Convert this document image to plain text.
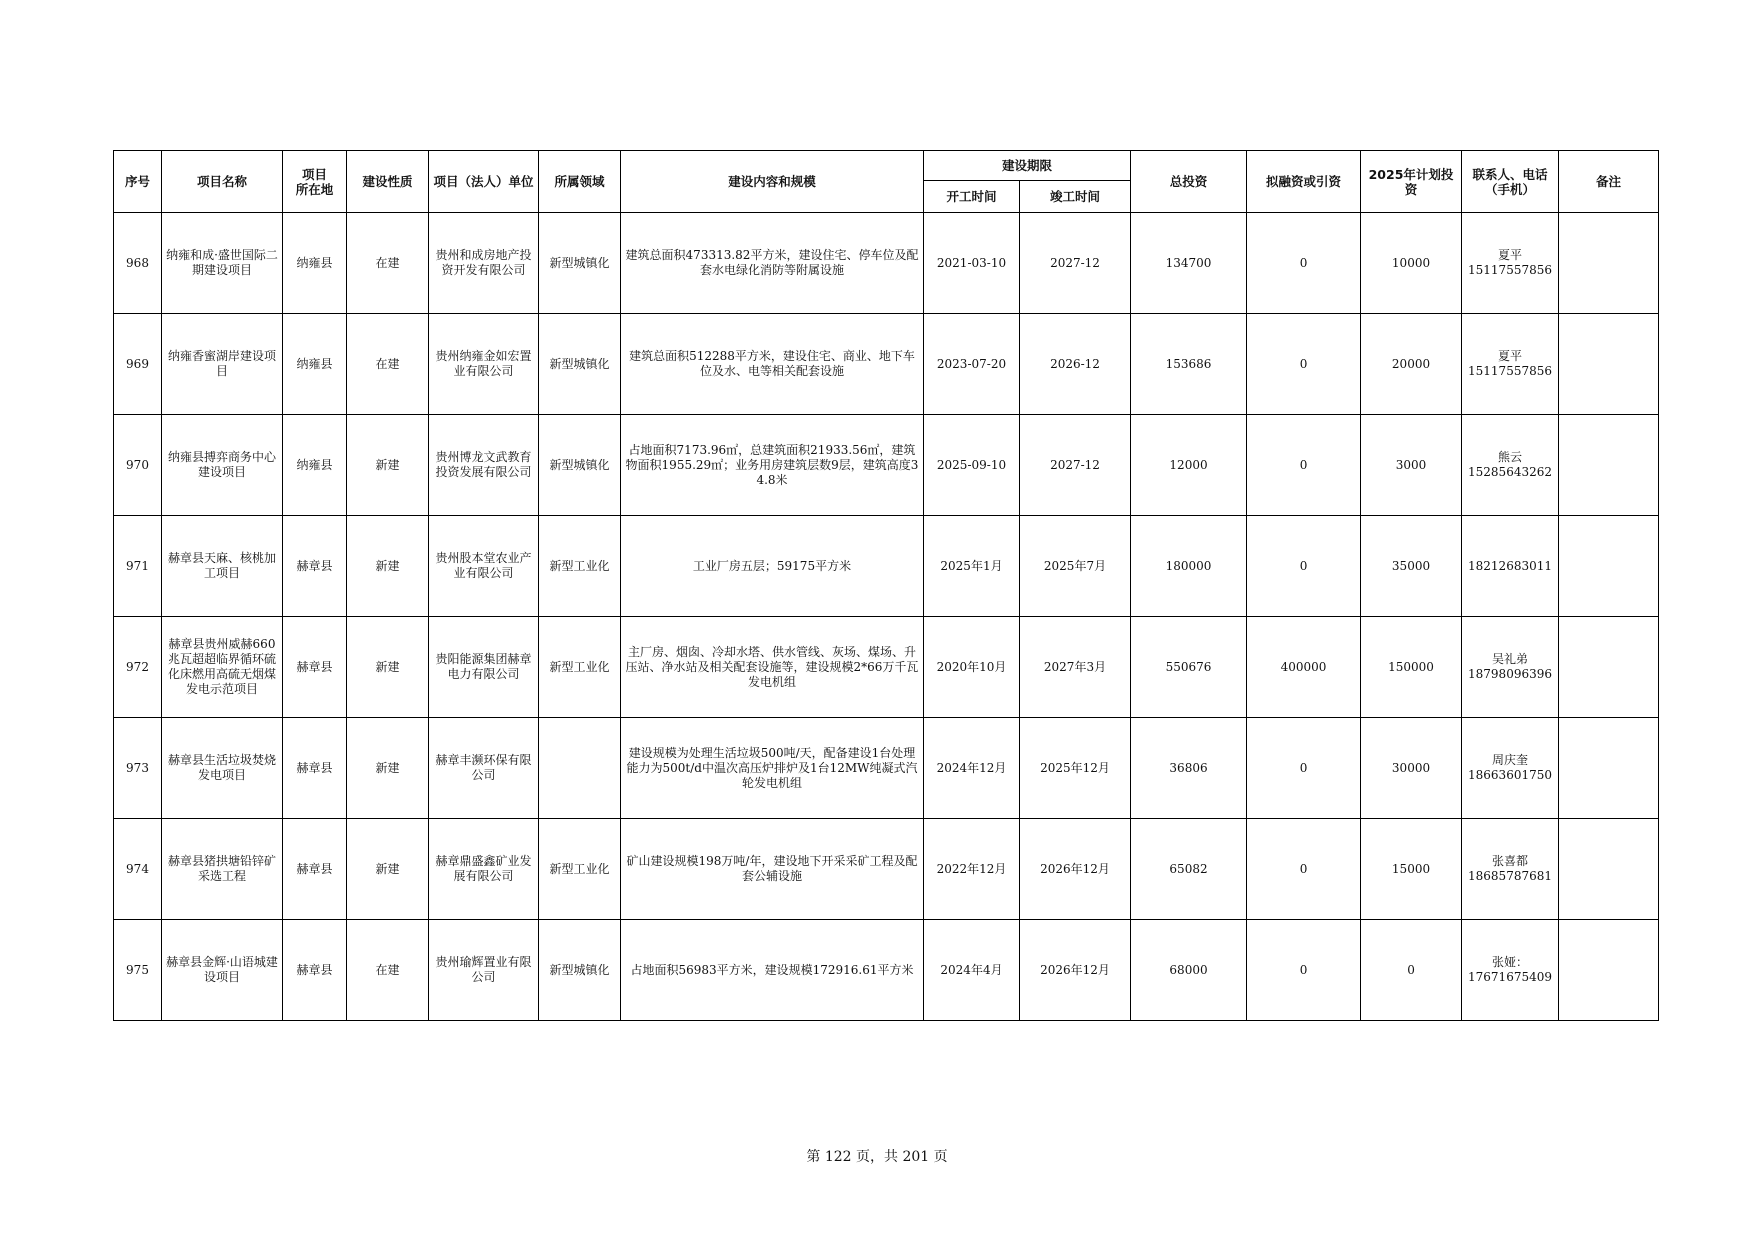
序号	项目名称	项目
所在地	建设性质	项目（法人）单位	所属领域	建设内容和规模	建设期限		总投资	拟融资或引资	2025年计划投资	联系人、电话（手机）	备注
							开工时间	竣工时间					
968	纳雍和成·盛世国际二期建设项目	纳雍县	在建	贵州和成房地产投资开发有限公司	新型城镇化	建筑总面积473313.82平方米，建设住宅、停车位及配套水电绿化消防等附属设施	2021-03-10	2027-12	134700	0	10000	夏平
15117557856	

969	纳雍香蜜湖岸建设项目	纳雍县	在建	贵州纳雍金如宏置业有限公司	新型城镇化	建筑总面积512288平方米，建设住宅、商业、地下车位及水、电等相关配套设施	2023-07-20	2026-12	153686	0	20000	夏平
15117557856	

970	纳雍县搏弈商务中心建设项目	纳雍县	新建	贵州博龙文武教育投资发展有限公司	新型城镇化	占地面积7173.96㎡，总建筑面积21933.56㎡，建筑物面积1955.29㎡；业务用房建筑层数9层，建筑高度34.8米	2025-09-10	2027-12	12000	0	3000	熊云
15285643262	

971	赫章县天麻、核桃加工项目	赫章县	新建	贵州股本堂农业产业有限公司	新型工业化	工业厂房五层；59175平方米	2025年1月	2025年7月	180000	0	35000	18212683011	

972	赫章县贵州威赫660兆瓦超超临界循环硫化床燃用高硫无烟煤发电示范项目	赫章县	新建	贵阳能源集团赫章电力有限公司	新型工业化	主厂房、烟囱、冷却水塔、供水管线、灰场、煤场、升压站、净水站及相关配套设施等，建设规模2*66万千瓦发电机组	2020年10月	2027年3月	550676	400000	150000	吴礼弟
18798096396	

973	赫章县生活垃圾焚烧发电项目	赫章县	新建	赫章丰濒环保有限公司		建设规模为处理生活垃圾500吨/天，配备建设1台处理能力为500t/d中温次高压炉排炉及1台12MW纯凝式汽轮发电机组	2024年12月	2025年12月	36806	0	30000	周庆奎
18663601750	

974	赫章县猪拱塘铅锌矿采选工程	赫章县	新建	赫章鼎盛鑫矿业发展有限公司	新型工业化	矿山建设规模198万吨/年，建设地下开采采矿工程及配套公辅设施	2022年12月	2026年12月	65082	0	15000	张喜都
18685787681	

975	赫章县金辉·山语城建设项目	赫章县	在建	贵州瑜辉置业有限公司	新型城镇化	占地面积56983平方米，建设规模172916.61平方米	2024年4月	2026年12月	68000	0	0	张娅：
17671675409	

第 122 页，共 201 页
